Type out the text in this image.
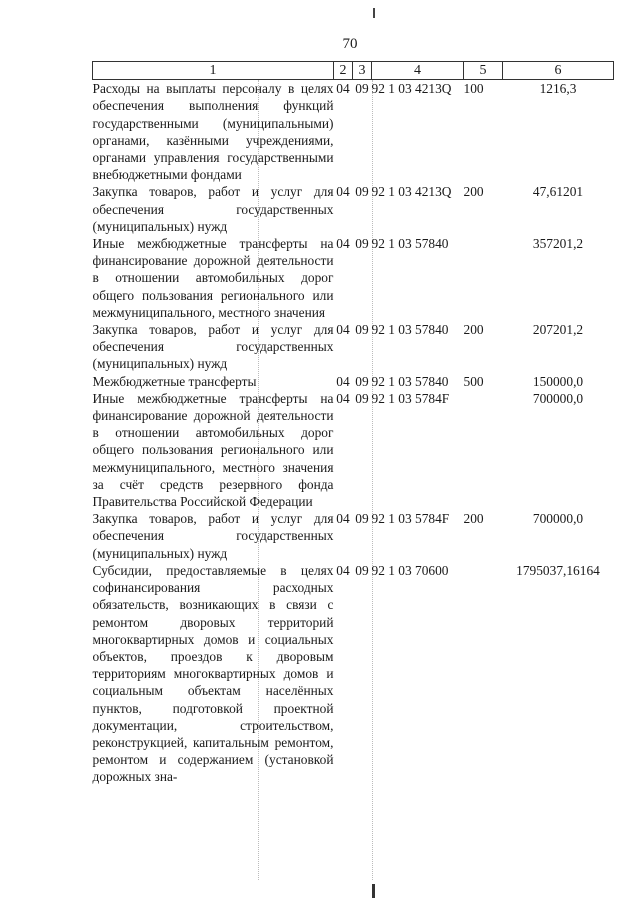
70
1	2	3	4	5	6
Расходы на выплаты персоналу в целях обеспечения выполнения функций государственными (муниципальными) органами, казёнными учреждениями, органами управления государственными внебюджетными фондами	04	09	92 1 03 4213Q	100	1216,3
Закупка товаров, работ и услуг для обеспечения государственных (муниципальных) нужд	04	09	92 1 03 4213Q	200	47,61201
Иные межбюджетные трансферты на финансирование дорожной деятельности в отношении автомобильных дорог общего пользования регионального или межмуниципального, местного значения	04	09	92 1 03 57840		357201,2
Закупка товаров, работ и услуг для обеспечения государственных (муниципальных) нужд	04	09	92 1 03 57840	200	207201,2
Межбюджетные трансферты	04	09	92 1 03 57840	500	150000,0
Иные межбюджетные трансферты на финансирование дорожной деятельности в отношении автомобильных дорог общего пользования регионального или межмуниципального, местного значения за счёт средств резервного фонда Правительства Российской Федерации	04	09	92 1 03 5784F		700000,0
Закупка товаров, работ и услуг для обеспечения государственных (муниципальных) нужд	04	09	92 1 03 5784F	200	700000,0
Субсидии, предоставляемые в целях софинансирования расходных обязательств, возникающих в связи с ремонтом дворовых территорий многоквартирных домов и социальных объектов, проездов к дворовым территориям многоквартирных домов и социальным объектам населённых пунктов, подготовкой проектной документации, строительством, реконструкцией, капитальным ремонтом, ремонтом и содержанием (установкой дорожных зна-	04	09	92 1 03 70600		1795037,16164
